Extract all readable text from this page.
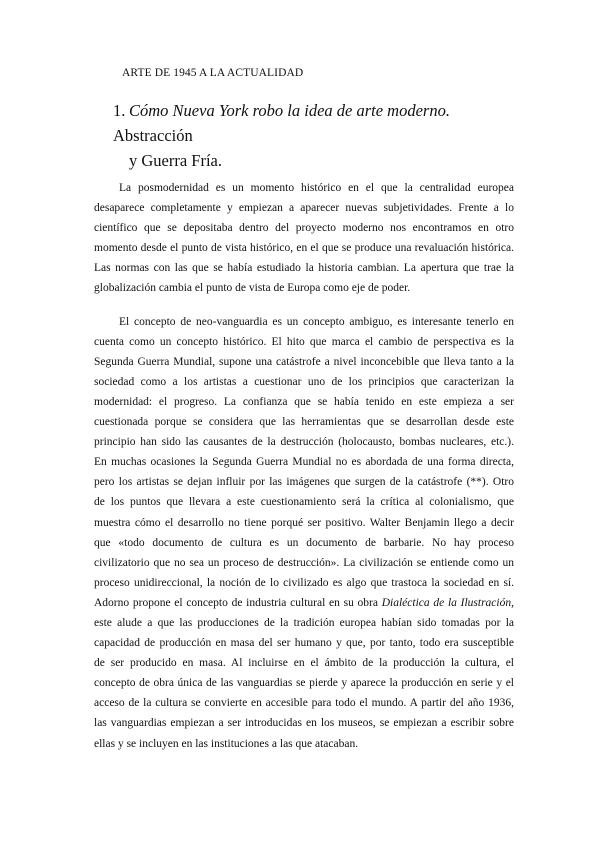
ARTE DE 1945 A LA ACTUALIDAD
1. Cómo Nueva York robo la idea de arte moderno. Abstracción
y Guerra Fría.
La posmodernidad es un momento histórico en el que la centralidad europea
desaparece completamente y empiezan a aparecer nuevas subjetividades. Frente a lo
científico que se depositaba dentro del proyecto moderno nos encontramos en otro
momento desde el punto de vista histórico, en el que se produce una revaluación histórica.
Las normas con las que se había estudiado la historia cambian. La apertura que trae la
globalización cambia el punto de vista de Europa como eje de poder.
El concepto de neo-vanguardia es un concepto ambiguo, es interesante tenerlo en
cuenta como un concepto histórico. El hito que marca el cambio de perspectiva es la
Segunda Guerra Mundial, supone una catástrofe a nivel inconcebible que lleva tanto a la
sociedad como a los artistas a cuestionar uno de los principios que caracterizan la
modernidad: el progreso. La confianza que se había tenido en este empieza a ser
cuestionada porque se considera que las herramientas que se desarrollan desde este
principio han sido las causantes de la destrucción (holocausto, bombas nucleares, etc.).
En muchas ocasiones la Segunda Guerra Mundial no es abordada de una forma directa,
pero los artistas se dejan influir por las imágenes que surgen de la catástrofe (**). Otro
de los puntos que llevara a este cuestionamiento será la crítica al colonialismo, que
muestra cómo el desarrollo no tiene porqué ser positivo. Walter Benjamin llego a decir
que «todo documento de cultura es un documento de barbarie. No hay proceso
civilizatorio que no sea un proceso de destrucción». La civilización se entiende como un
proceso unidireccional, la noción de lo civilizado es algo que trastoca la sociedad en sí.
Adorno propone el concepto de industria cultural en su obra Dialéctica de la Ilustración,
este alude a que las producciones de la tradición europea habían sido tomadas por la
capacidad de producción en masa del ser humano y que, por tanto, todo era susceptible
de ser producido en masa. Al incluirse en el ámbito de la producción la cultura, el
concepto de obra única de las vanguardias se pierde y aparece la producción en serie y el
acceso de la cultura se convierte en accesible para todo el mundo. A partir del año 1936,
las vanguardias empiezan a ser introducidas en los museos, se empiezan a escribir sobre
ellas y se incluyen en las instituciones a las que atacaban.
